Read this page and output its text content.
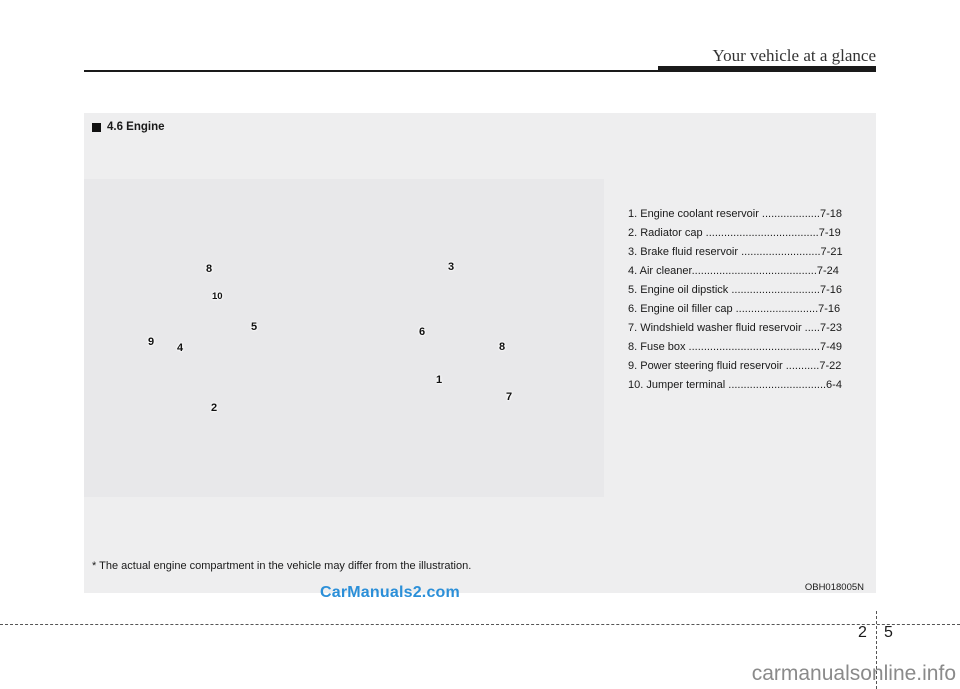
Your vehicle at a glance
4.6 Engine
8
10
3
5	6
9 4	8
1
2
7
1. Engine coolant reservoir ...................7-18
2. Radiator cap .....................................7-19
3. Brake fluid reservoir ..........................7-21
4. Air cleaner.........................................7-24
5. Engine oil dipstick .............................7-16
6. Engine oil filler cap ...........................7-16
7. Windshield washer fluid reservoir .....7-23
8. Fuse box ...........................................7-49
9. Power steering fluid reservoir ...........7-22
10. Jumper terminal ................................6-4
* The actual engine compartment in the vehicle may differ from the illustration.
OBH018005N
CarManuals2.com
2 5
carmanualsonline.info
